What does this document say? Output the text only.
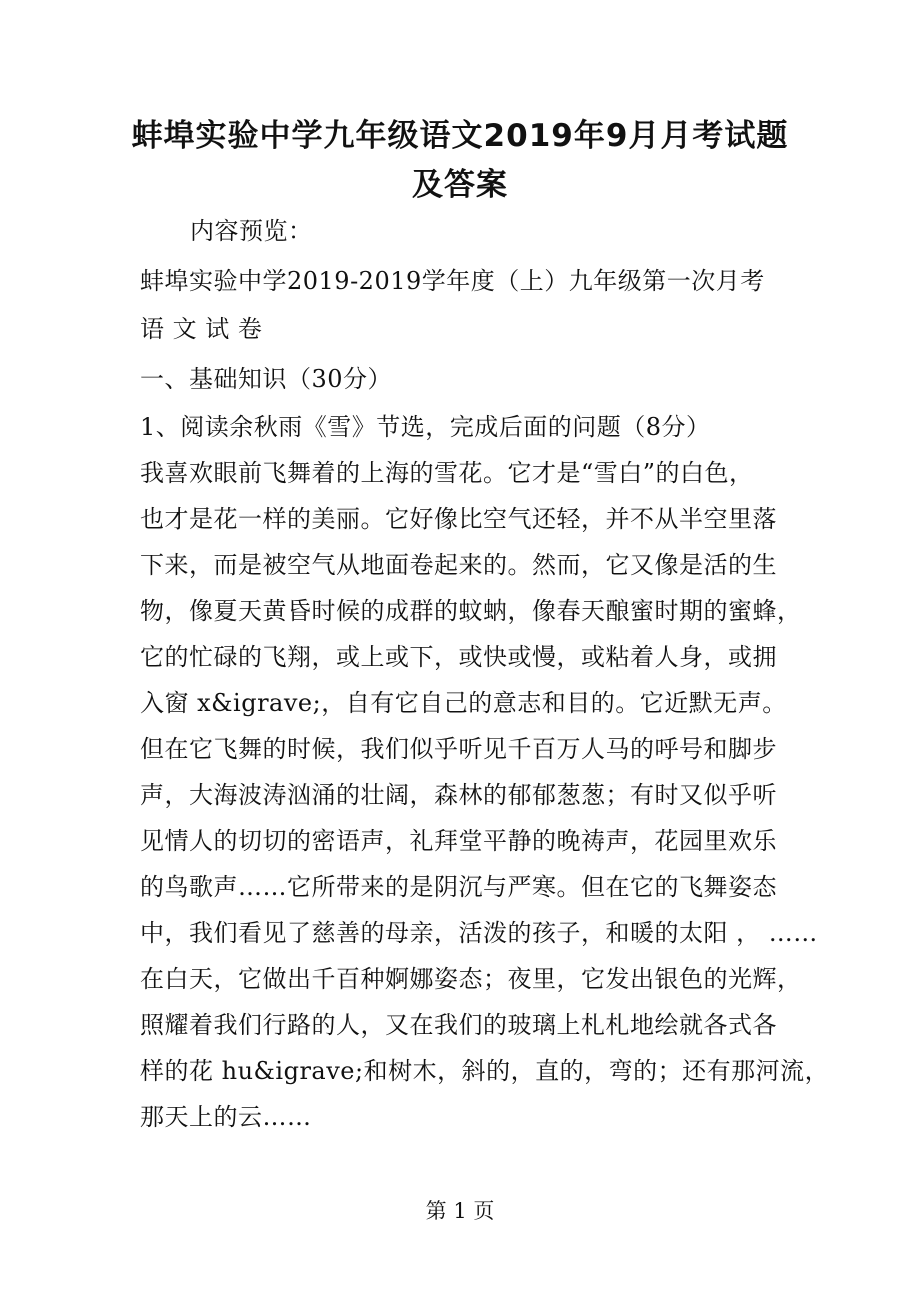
蚌埠实验中学九年级语文2019年9月月考试题
及答案

内容预览：

蚌埠实验中学2019-2019学年度（上）九年级第一次月考

语 文 试 卷

一、基础知识（30分）

1、阅读余秋雨《雪》节选，完成后面的问题（8分）

我喜欢眼前飞舞着的上海的雪花。它才是“雪白”的白色，

也才是花一样的美丽。它好像比空气还轻，并不从半空里落

下来，而是被空气从地面卷起来的。然而，它又像是活的生

物，像夏天黄昏时候的成群的蚊蚋，像春天酿蜜时期的蜜蜂，

它的忙碌的飞翔，或上或下，或快或慢，或粘着人身，或拥

入窗 x&igrave;，自有它自己的意志和目的。它近默无声。

但在它飞舞的时候，我们似乎听见千百万人马的呼号和脚步

声，大海波涛汹涌的壮阔，森林的郁郁葱葱；有时又似乎听

见情人的切切的密语声，礼拜堂平静的晚祷声，花园里欢乐

的鸟歌声……它所带来的是阴沉与严寒。但在它的飞舞姿态

中，我们看见了慈善的母亲，活泼的孩子，和暖的太阳 ， ……

在白天，它做出千百种婀娜姿态；夜里，它发出银色的光辉，

照耀着我们行路的人，又在我们的玻璃上札札地绘就各式各

样的花 hu&igrave;和树木，斜的，直的，弯的；还有那河流，

那天上的云……

第 1 页
